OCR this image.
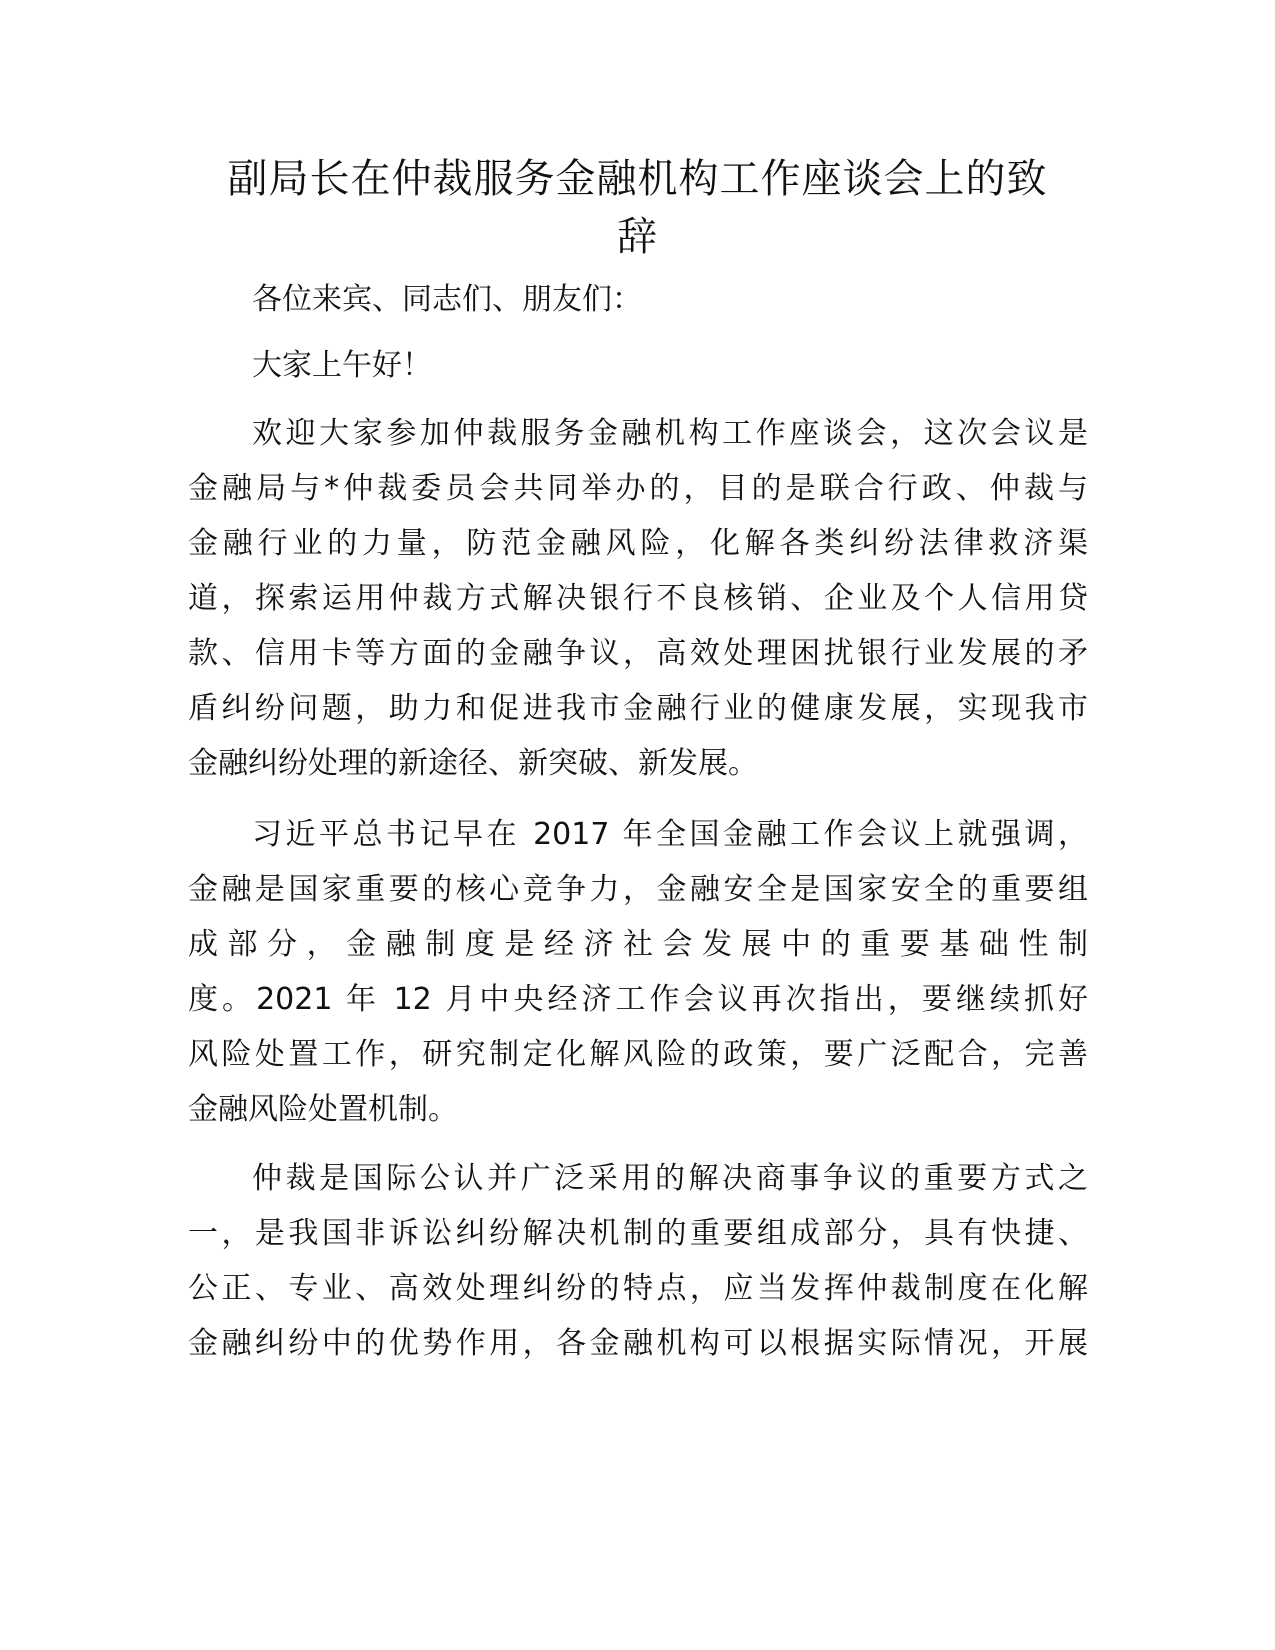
副局长在仲裁服务金融机构工作座谈会上的致
辞

各位来宾、同志们、朋友们：

大家上午好！

欢迎大家参加仲裁服务金融机构工作座谈会，这次会议是

金融局与*仲裁委员会共同举办的，目的是联合行政、仲裁与

金融行业的力量，防范金融风险，化解各类纠纷法律救济渠

道，探索运用仲裁方式解决银行不良核销、企业及个人信用贷

款、信用卡等方面的金融争议，高效处理困扰银行业发展的矛

盾纠纷问题，助力和促进我市金融行业的健康发展，实现我市

金融纠纷处理的新途径、新突破、新发展。

习近平总书记早在 2017 年全国金融工作会议上就强调，

金融是国家重要的核心竞争力，金融安全是国家安全的重要组

成部分，金融制度是经济社会发展中的重要基础性制

度。2021 年 12 月中央经济工作会议再次指出，要继续抓好

风险处置工作，研究制定化解风险的政策，要广泛配合，完善

金融风险处置机制。

仲裁是国际公认并广泛采用的解决商事争议的重要方式之

一，是我国非诉讼纠纷解决机制的重要组成部分，具有快捷、

公正、专业、高效处理纠纷的特点，应当发挥仲裁制度在化解

金融纠纷中的优势作用，各金融机构可以根据实际情况，开展
